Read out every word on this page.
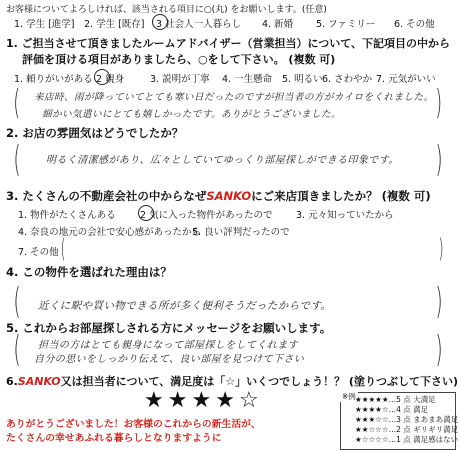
お客様についてよろしければ、該当される項目に○(丸) をお願いします。(任意)
1. 学生 [進学] 2. 学生 [既存] 3 社会人一人暮らし 4. 新婚 5. ファミリー 6. その他
1. ご担当させて頂きましたルームアドバイザー（営業担当）について、下記項目の中から
評価を頂ける項目がありましたら、○をして下さい。 (複数 可)
1. 頼りがいがある 2 親身	3. 説明が丁寧 4. 一生懸命 5. 明るい 6. さわやか 7. 元気がいい
( 来店時、雨が降っていてとても寒い日だったのですが担当者の方がカイロをくれました。
細かい気遣いにとても嬉しかったです。ありがとうございました。	)
2. お店の雰囲気はどうでしたか？
(	明るく清潔感があり、広々としていてゆっくり部屋探しができる印象です。 )
3. たくさんの不動産会社の中からなぜSANKOにご来店頂きましたか？ (複数 可)
1. 物件がたくさんある	2 気に入った物件があったので 3. 元々知っていたから
4. 奈良の地元の会社で安心感があったから
5. 良い評判だったので
7. その他 (	)
4. この物件を選ばれた理由は？
( 近くに駅や買い物できる所が多く便利そうだったからです。	)
5. これからお部屋探しされる方にメッセージをお願いします。
( 担当の方はとても親身になって部屋探しをしてくれます
自分の思いをしっかり伝えて、良い部屋を見つけて下さい	)
6.SANKO又は担当者について、満足度は「☆」いくつでしょう！？ (塗りつぶして下さい)
★ ★ ★ ★ ☆	※例 ★★★★★…5 点 大満足
★★★★☆…4 点 満足
★★★☆☆…3 点 まあまあ満足
★★☆☆☆…2 点 ギリギリ満足
★☆☆☆☆…1 点 満足感はない
ありがとうございました！お客様のこれからの新生活が、
たくさんの幸せあふれる暮らしとなりますように
